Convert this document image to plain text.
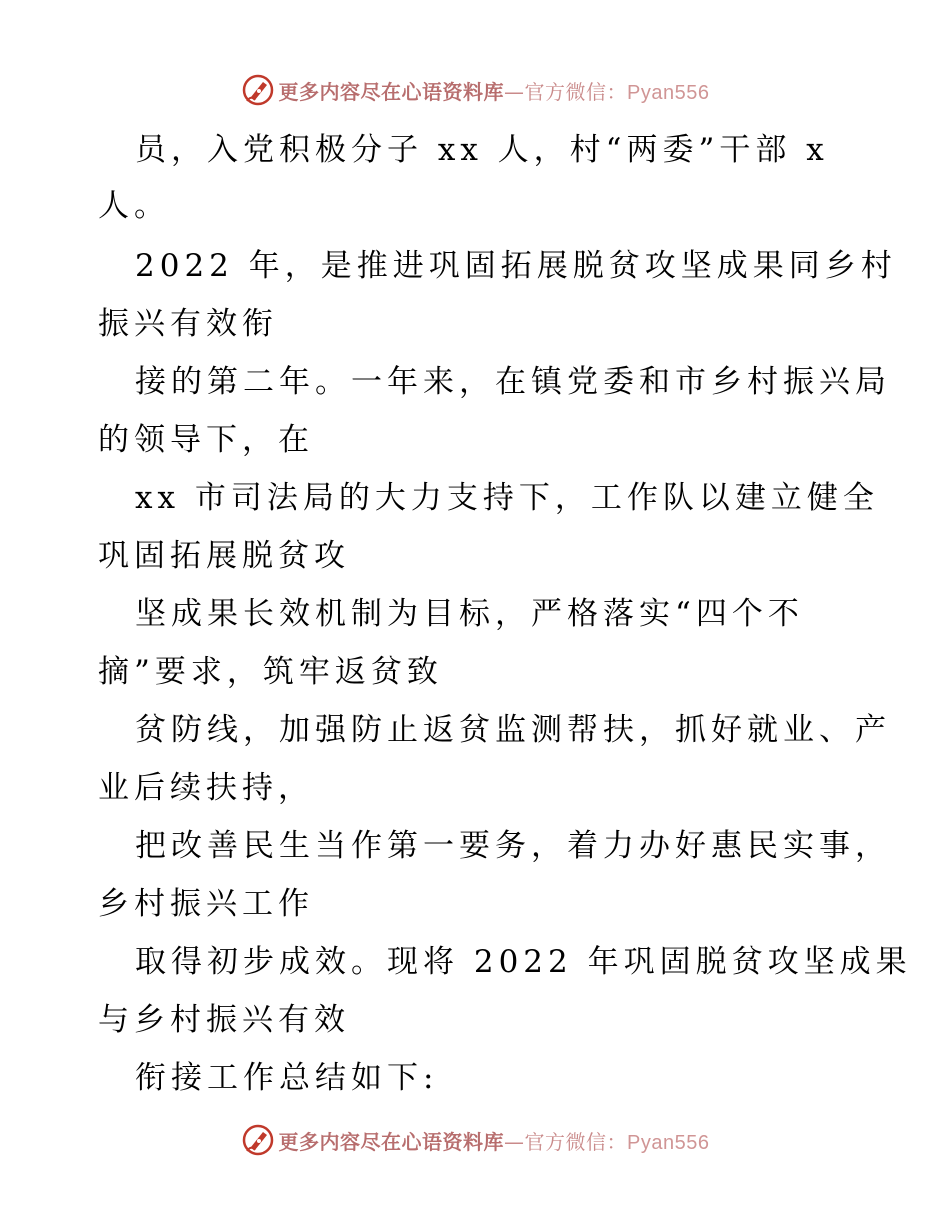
更多内容尽在心语资料库—官方微信：Pyan556
员，入党积极分子 xx 人，村“两委”干部 x
人。
2022 年，是推进巩固拓展脱贫攻坚成果同乡村
振兴有效衔
接的第二年。一年来，在镇党委和市乡村振兴局
的领导下，在
xx 市司法局的大力支持下，工作队以建立健全
巩固拓展脱贫攻
坚成果长效机制为目标，严格落实“四个不
摘”要求，筑牢返贫致
贫防线，加强防止返贫监测帮扶，抓好就业、产
业后续扶持，
把改善民生当作第一要务，着力办好惠民实事，
乡村振兴工作
取得初步成效。现将 2022 年巩固脱贫攻坚成果
与乡村振兴有效
衔接工作总结如下:
更多内容尽在心语资料库—官方微信：Pyan556
